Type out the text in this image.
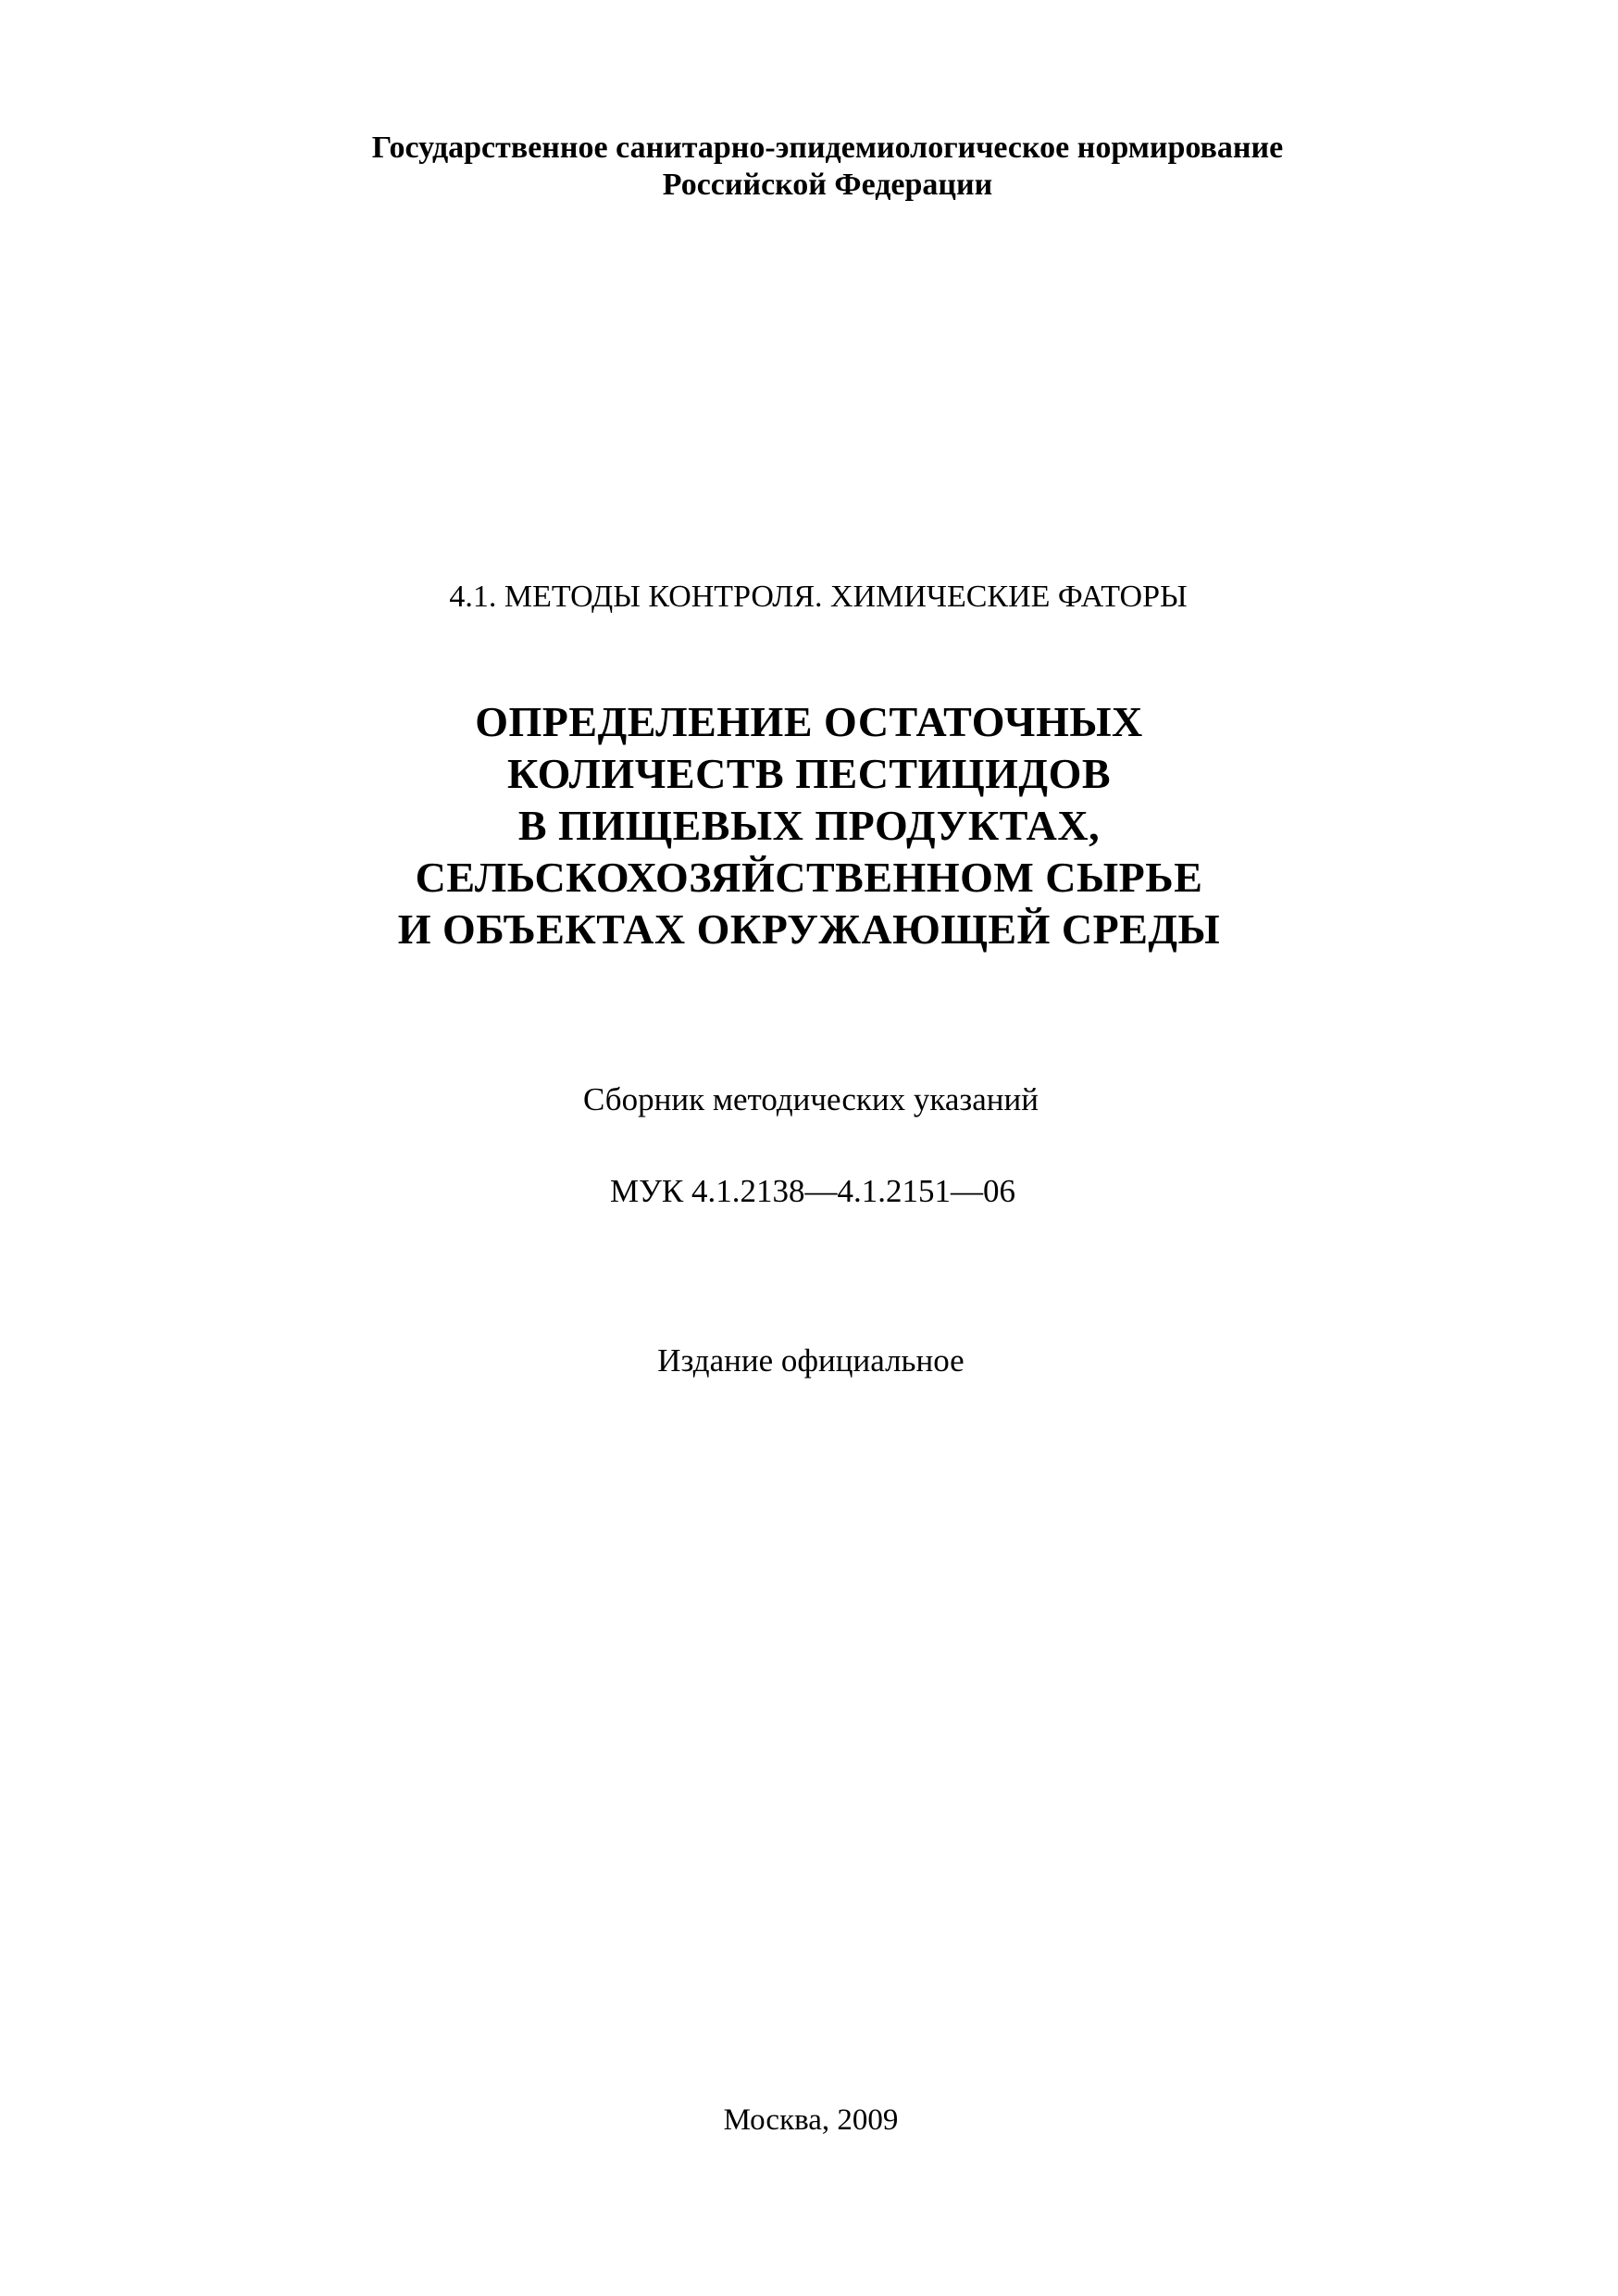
Государственное санитарно-эпидемиологическое нормирование
Российской Федерации
4.1. МЕТОДЫ КОНТРОЛЯ. ХИМИЧЕСКИЕ ФАТОРЫ
ОПРЕДЕЛЕНИЕ ОСТАТОЧНЫХ
КОЛИЧЕСТВ ПЕСТИЦИДОВ
В ПИЩЕВЫХ ПРОДУКТАХ,
СЕЛЬСКОХОЗЯЙСТВЕННОМ СЫРЬЕ
И ОБЪЕКТАХ ОКРУЖАЮЩЕЙ СРЕДЫ
Сборник методических указаний
МУК 4.1.2138—4.1.2151—06
Издание официальное
Москва, 2009
